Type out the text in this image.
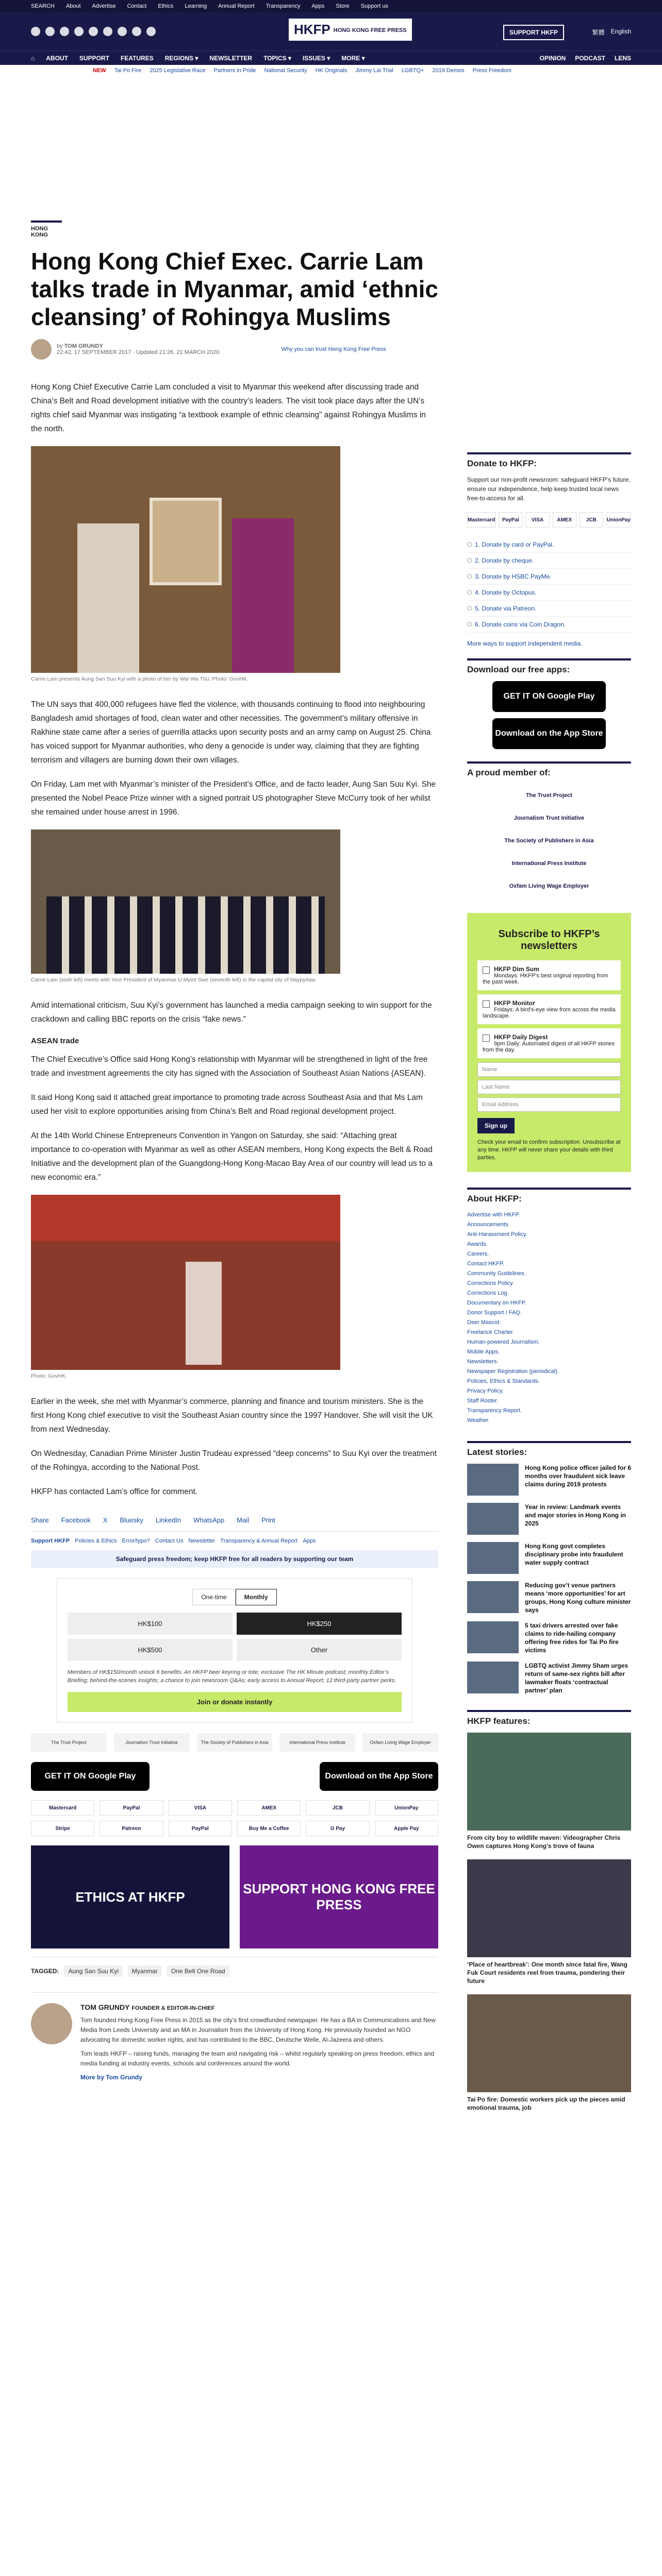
SEARCH About Advertise Contact Ethics Learning Annual Report Transparency Apps Store Support us
HKFP HONG KONG FREE PRESS	SUPPORT HKFP	繁體 English
⌂ ABOUT SUPPORT FEATURES REGIONS ▾ NEWSLETTER TOPICS ▾ ISSUES ▾ MORE ▾	OPINION PODCAST LENS
NEW Tai Po Fire 2025 Legislative Race Partners in Pride National Security HK Originals Jimmy Lai Trial LGBTQ+ 2019 Demos Press Freedom
HONG KONG
Hong Kong Chief Exec. Carrie Lam talks trade in Myanmar, amid ‘ethnic cleansing’ of Rohingya Muslims
by TOM GRUNDY
22:42, 17 SEPTEMBER 2017 · Updated 21:26, 21 MARCH 2020	Why you can trust Hong Kong Free Press

Hong Kong Chief Executive Carrie Lam concluded a visit to Myanmar this weekend after discussing trade and China’s Belt and Road development initiative with the country’s leaders. The visit took place days after the UN’s rights chief said Myanmar was instigating “a textbook example of ethnic cleansing” against Rohingya Muslims in the north.

Carrie Lam presents Aung San Suu Kyi with a photo of her by Wai Wa Thu. Photo: GovHK.

The UN says that 400,000 refugees have fled the violence, with thousands continuing to flood into neighbouring Bangladesh amid shortages of food, clean water and other necessities. The government’s military offensive in Rakhine state came after a series of guerrilla attacks upon security posts and an army camp on August 25. China has voiced support for Myanmar authorities, who deny a genocide is under way, claiming that they are fighting terrorism and villagers are burning down their own villages.

On Friday, Lam met with Myanmar’s minister of the President’s Office, and de facto leader, Aung San Suu Kyi. She presented the Nobel Peace Prize winner with a signed portrait US photographer Steve McCurry took of her whilst she remained under house arrest in 1996.

Carrie Lam (sixth left) meets with Vice President of Myanmar U Myint Swe (seventh left) in the capital city of Naypyitaw.

Amid international criticism, Suu Kyi’s government has launched a media campaign seeking to win support for the crackdown and calling BBC reports on the crisis “fake news.”

ASEAN trade

The Chief Executive’s Office said Hong Kong’s relationship with Myanmar will be strengthened in light of the free trade and investment agreements the city has signed with the Association of Southeast Asian Nations (ASEAN).

It said Hong Kong said it attached great importance to promoting trade across Southeast Asia and that Ms Lam used her visit to explore opportunities arising from China’s Belt and Road regional development project.

At the 14th World Chinese Entrepreneurs Convention in Yangon on Saturday, she said: “Attaching great importance to co-operation with Myanmar as well as other ASEAN members, Hong Kong expects the Belt & Road Initiative and the development plan of the Guangdong-Hong Kong-Macao Bay Area of our country will lead us to a new economic era.”

Photo: GovHK.

Earlier in the week, she met with Myanmar’s commerce, planning and finance and tourism ministers. She is the first Hong Kong chief executive to visit the Southeast Asian country since the 1997 Handover. She will visit the UK from next Wednesday.

On Wednesday, Canadian Prime Minister Justin Trudeau expressed “deep concerns” to Suu Kyi over the treatment of the Rohingya, according to the National Post.

HKFP has contacted Lam’s office for comment.

Share Facebook X Bluesky LinkedIn WhatsApp Mail Print
Support HKFP Policies & Ethics Error/typo? Contact Us Newsletter Transparency & Annual Report Apps
Safeguard press freedom; keep HKFP free for all readers by supporting our team
One-time	Monthly
HK$100	HK$250
HK$500	Other
Members of HK$150/month unlock 6 benefits: An HKFP beer keyring or tote; exclusive The HK Minute podcast; monthly Editor’s Briefing; behind-the-scenes insights; a chance to join newsroom Q&As; early access to Annual Report; 12 third-party partner perks.
Join or donate instantly
The Trust Project	Journalism Trust Initiative	The Society of Publishers in Asia	International Press Institute	Oxfam Living Wage Employer
GET IT ON Google Play	Download on the App Store
Mastercard	PayPal	VISA	AMEX	JCB	UnionPay
Stripe	Patreon	PayPal	Buy Me a Coffee	G Pay	Apple Pay
ETHICS AT HKFP
SUPPORT HONG KONG FREE PRESS
TAGGED:	Aung San Suu Kyi	Myanmar	One Belt One Road
TOM GRUNDY FOUNDER & EDITOR-IN-CHIEF

Tom founded Hong Kong Free Press in 2015 as the city’s first crowdfunded newspaper. He has a BA in Communications and New Media from Leeds University and an MA in Journalism from the University of Hong Kong. He previously founded an NGO advocating for domestic worker rights, and has contributed to the BBC, Deutsche Welle, Al-Jazeera and others.

Tom leads HKFP – raising funds, managing the team and navigating risk – whilst regularly speaking on press freedom, ethics and media funding at industry events, schools and conferences around the world.

More by Tom Grundy
Donate to HKFP:

Support our non-profit newsroom: safeguard HKFP’s future, ensure our independence, help keep trusted local news free-to-access for all.

Mastercard	PayPal	VISA	AMEX	JCB	UnionPay
1. Donate by card or PayPal.
2. Donate by cheque.
3. Donate by HSBC PayMe.
4. Donate by Octopus.
5. Donate via Patreon.
6. Donate coins via Coin Dragon.

More ways to support independent media.

Download our free apps:
GET IT ON Google Play
Download on the App Store
A proud member of:
The Trust Project
Journalism Trust Initiative
The Society of Publishers in Asia
International Press Institute
Oxfam Living Wage Employer
Subscribe to HKFP’s newsletters
HKFP Dim Sum
Mondays: HKFP’s best original reporting from the past week.
HKFP Monitor
Fridays: A bird’s-eye view from across the media landscape.
HKFP Daily Digest
9pm Daily: Automated digest of all HKFP stories from the day.
Name
Last Name
Email Address
Sign up
Check your email to confirm subscription. Unsubscribe at any time. HKFP will never share your details with third parties.
About HKFP:
Advertise with HKFP.
Announcements.
Anti-Harassment Policy.
Awards.
Careers.
Contact HKFP.
Community Guidelines.
Corrections Policy.
Corrections Log.
Documentary on HKFP.
Donor Support / FAQ.
Deer Mascot.
Freelance Charter.
Human-powered Journalism.
Mobile Apps.
Newsletters.
Newspaper Registration (periodical).
Policies, Ethics & Standards.
Privacy Policy.
Staff Roster.
Transparency Report.
Weather.
Latest stories:
Hong Kong police officer jailed for 6 months over fraudulent sick leave claims during 2019 protests
Year in review: Landmark events and major stories in Hong Kong in 2025
Hong Kong govt completes disciplinary probe into fraudulent water supply contract
Reducing gov’t venue partners means ‘more opportunities’ for art groups, Hong Kong culture minister says
5 taxi drivers arrested over fake claims to ride-hailing company offering free rides for Tai Po fire victims
LGBTQ activist Jimmy Sham urges return of same-sex rights bill after lawmaker floats ‘contractual partner’ plan
HKFP features:
From city boy to wildlife maven: Videographer Chris Owen captures Hong Kong’s trove of fauna
‘Place of heartbreak’: One month since fatal fire, Wang Fuk Court residents reel from trauma, pondering their future
Tai Po fire: Domestic workers pick up the pieces amid emotional trauma, job
